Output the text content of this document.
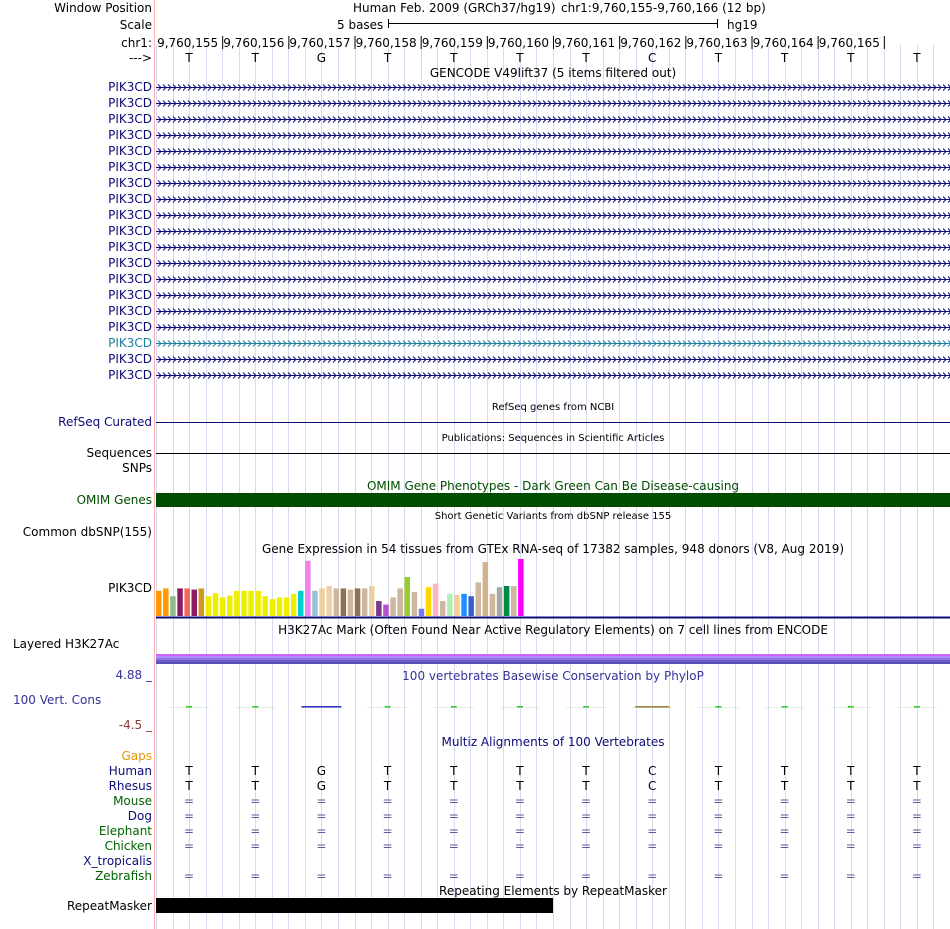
Window Position	Human Feb. 2009 (GRCh37/hg19) chr1:9,760,155-9,760,166 (12 bp)
Scale	5 bases	hg19
chr1: 9,760,155 9,760,156 9,760,157 9,760,158 9,760,159 9,760,160 9,760,161 9,760,162 9,760,163 9,760,164 9,760,165
--->	T	T	G	T	T	T	T	C	T	T	T	T
GENCODE V49lift37 (5 items filtered out)
PIK3CD
PIK3CD
PIK3CD
PIK3CD
PIK3CD
PIK3CD
PIK3CD
PIK3CD
PIK3CD
PIK3CD
PIK3CD
PIK3CD
PIK3CD
PIK3CD
PIK3CD
PIK3CD
PIK3CD
PIK3CD
PIK3CD
RefSeq genes from NCBI
RefSeq Curated
Publications: Sequences in Scientific Articles
Sequences
SNPs
OMIM Gene Phenotypes - Dark Green Can Be Disease-causing
OMIM Genes
Short Genetic Variants from dbSNP release 155
Common dbSNP(155)
Gene Expression in 54 tissues from GTEx RNA-seq of 17382 samples, 948 donors (V8, Aug 2019)
PIK3CD
H3K27Ac Mark (Often Found Near Active Regulatory Elements) on 7 cell lines from ENCODE
Layered H3K27Ac
100 vertebrates Basewise Conservation by PhyloP
4.88 _
100 Vert. Cons
-4.5 _
Multiz Alignments of 100 Vertebrates
Gaps
Human	T	T	G	T	T	T	T	C	T	T	T	T
Rhesus	T	T	G	T	T	T	T	C	T	T	T	T
Mouse	=	=	=	=	=	=	=	=	=	=	=	=
Dog	=	=	=	=	=	=	=	=	=	=	=	=
Elephant	=	=	=	=	=	=	=	=	=	=	=	=
Chicken	=	=	=	=	=	=	=	=	=	=	=	=
X_tropicalis
Zebrafish	=	=	=	=	=	=	=	=	=	=	=	=
Repeating Elements by RepeatMasker
RepeatMasker
